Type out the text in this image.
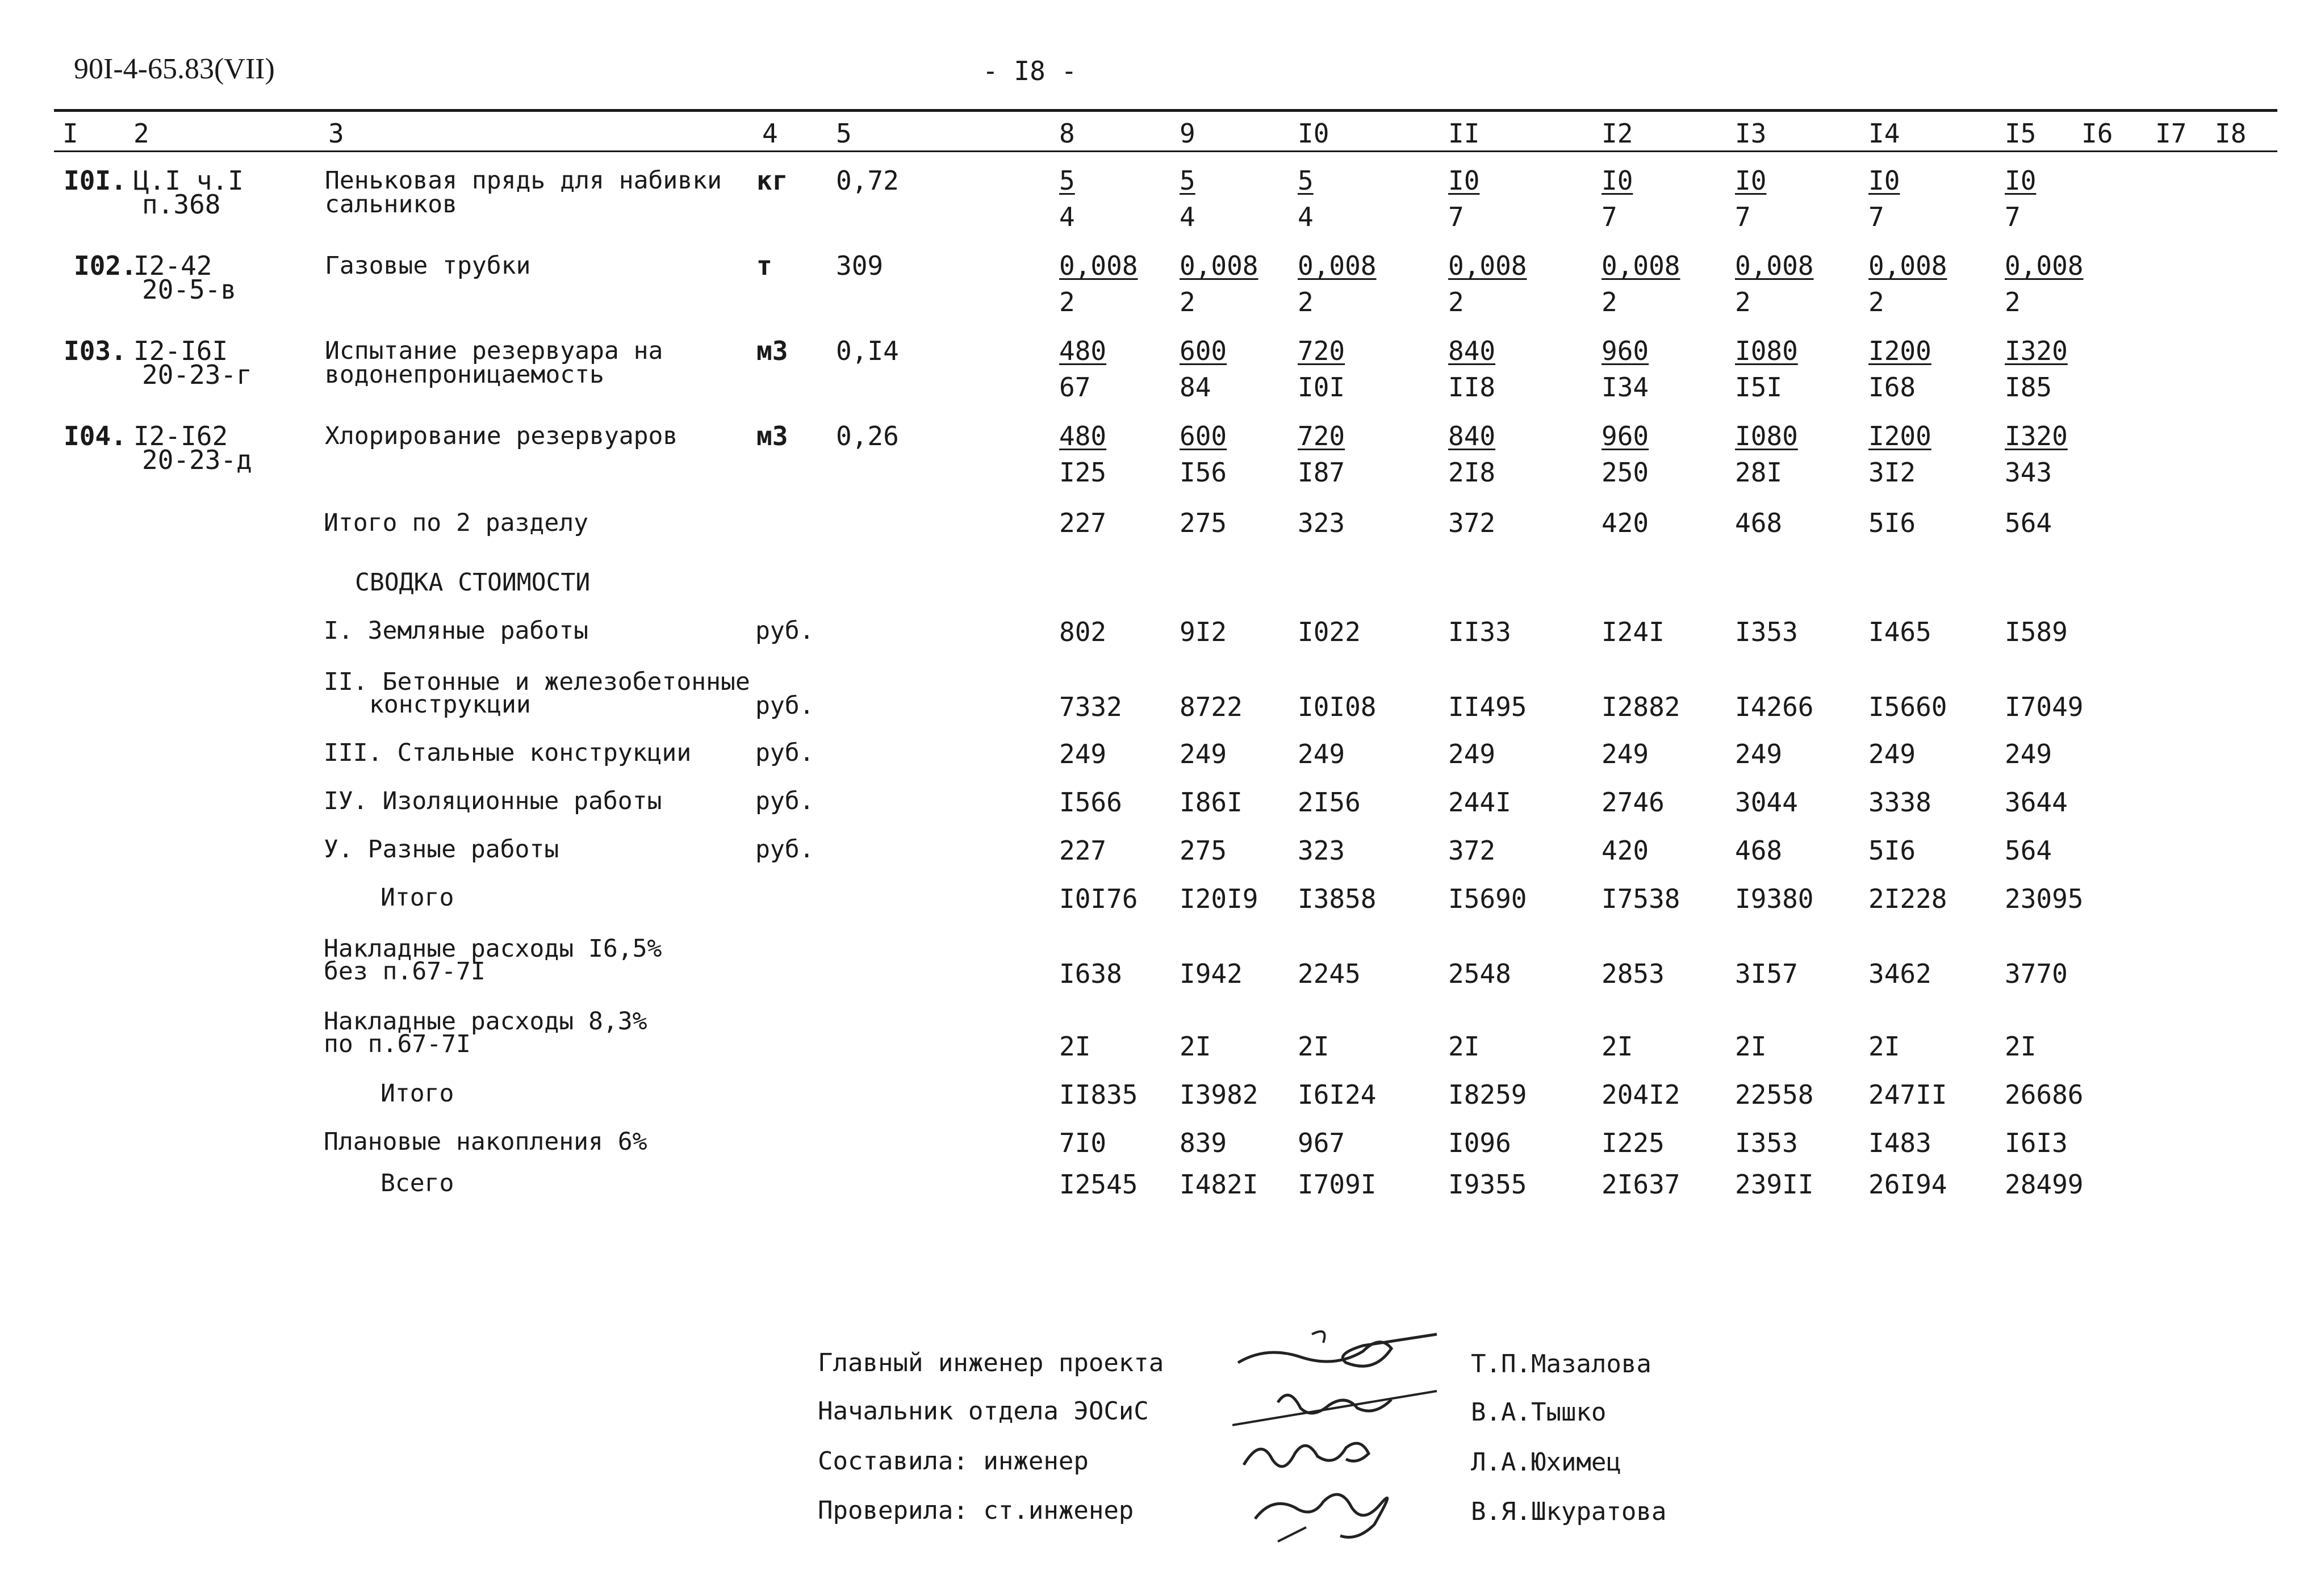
90I-4-65.83(VII)	- I8 -
I 2	3	4 5	8	9	I0	II	I2	I3	I4	I5 I6 I7 I8
I0I. Ц.I ч.I
п.368
Пеньковая прядь для набивки
сальников
кг 0,72	5	5	5	I0	I0	I0	I0	I0
4	4	4	7	7	7	7	7
I02.
I2-42
20-5-в
Газовые трубки	т 309	0,008 0,008 0,008	0,008	0,008 0,008 0,008 0,008
2	2	2	2	2	2	2	2
I03. I2-I6I
20-23-г
Испытание резервуара на
водонепроницаемость
м3 0,I4	480	600	720	840	960	I080	I200	I320
67	84	I0I	II8	I34	I5I	I68	I85
I04. I2-I62
20-23-д
Хлорирование резервуаров	м3 0,26	480	600	720	840	960	I080	I200	I320
I25	I56	I87	2I8	250	28I	3I2	343
Итого по 2 разделу	227	275	323	372	420	468	5I6	564
СВОДКА СТОИМОСТИ
I. Земляные работы	руб.	802	9I2	I022	II33	I24I	I353	I465	I589
II. Бетонные и железобетонные
конструкции	руб.	7332 8722 I0I08	II495	I2882 I4266 I5660 I7049
III. Стальные конструкции	руб.	249	249	249	249	249	249	249	249
IУ. Изоляционные работы	руб.	I566 I86I 2I56	244I	2746	3044	3338	3644
У. Разные работы	руб.	227	275	323	372	420	468	5I6	564
Итого	I0I76 I20I9 I3858	I5690	I7538 I9380 2I228 23095
Накладные расходы I6,5%
без п.67-7I	I638 I942 2245	2548	2853	3I57	3462	3770
Накладные расходы 8,3%
по п.67-7I	2I	2I	2I	2I	2I	2I	2I	2I
Итого	II835 I3982 I6I24	I8259	204I2 22558 247II 26686
Плановые накопления 6%	7I0	839	967	I096	I225	I353	I483	I6I3
Всего	I2545 I482I I709I	I9355	2I637 239II 26I94 28499
Главный инженер проекта	Т.П.Мазалова
Начальник отдела ЭОСиС	В.А.Тышко
Составила: инженер	Л.А.Юхимец
Проверила: ст.инженер	В.Я.Шкуратова
